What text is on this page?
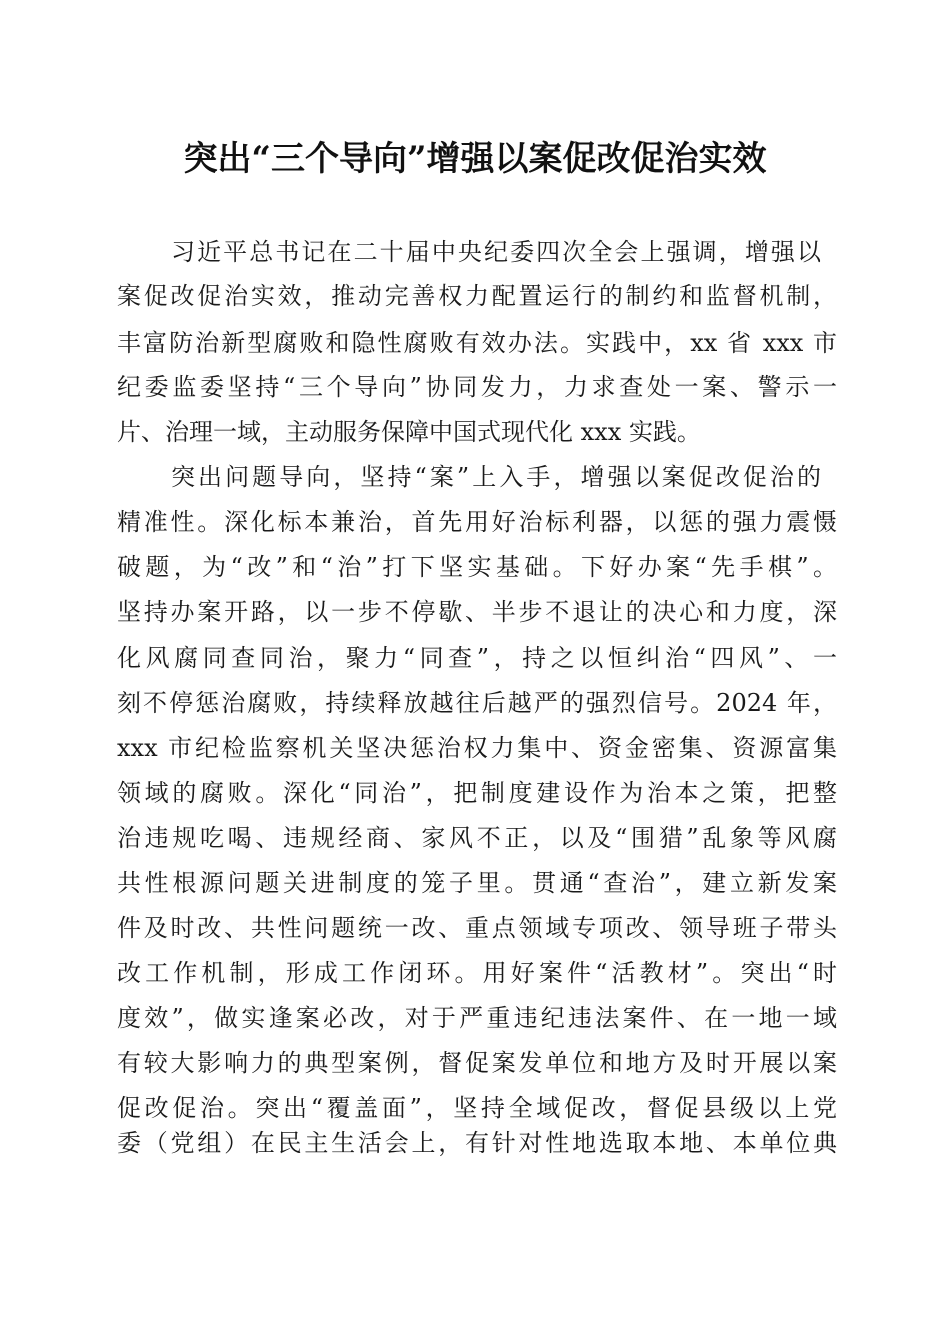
突出“三个导向”增强以案促改促治实效
习近平总书记在二十届中央纪委四次全会上强调，增强以
案促改促治实效，推动完善权力配置运行的制约和监督机制，
丰富防治新型腐败和隐性腐败有效办法。实践中，xx 省 xxx 市
纪委监委坚持“三个导向”协同发力，力求查处一案、警示一
片、治理一域，主动服务保障中国式现代化 xxx 实践。
突出问题导向，坚持“案”上入手，增强以案促改促治的
精准性。深化标本兼治，首先用好治标利器，以惩的强力震慑
破题，为“改”和“治”打下坚实基础。下好办案“先手棋”。
坚持办案开路，以一步不停歇、半步不退让的决心和力度，深
化风腐同查同治，聚力“同查”，持之以恒纠治“四风”、一
刻不停惩治腐败，持续释放越往后越严的强烈信号。2024 年，
xxx 市纪检监察机关坚决惩治权力集中、资金密集、资源富集
领域的腐败。深化“同治”，把制度建设作为治本之策，把整
治违规吃喝、违规经商、家风不正，以及“围猎”乱象等风腐
共性根源问题关进制度的笼子里。贯通“查治”，建立新发案
件及时改、共性问题统一改、重点领域专项改、领导班子带头
改工作机制，形成工作闭环。用好案件“活教材”。突出“时
度效”，做实逢案必改，对于严重违纪违法案件、在一地一域
有较大影响力的典型案例，督促案发单位和地方及时开展以案
促改促治。突出“覆盖面”，坚持全域促改，督促县级以上党
委（党组）在民主生活会上，有针对性地选取本地、本单位典
